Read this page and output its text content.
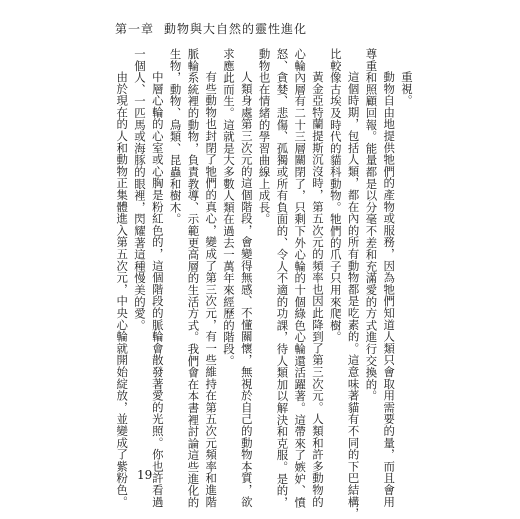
第一章 動物與大自然的靈性進化
重視。
動物自由地提供牠們的產物或服務，因為牠們知道人類只會取用需要的量，而且會用
尊重和照顧回報。能量都是以分毫不差和充滿愛的方式進行交換的。
這個時期，包括人類，都在內的所有動物都是吃素的。這意味著貓有不同的下巴結構，
比較像古埃及時代的貓科動物。牠們的爪子只用來爬樹。
黃金亞特蘭提斯沉沒時，第五次元的頻率也因此降到了第三次元。人類和許多動物的
心輪內層有二十三層關閉了，只剩下外心輪的十個綠色心輪還活躍著。這帶來了嫉妒、憤
怒、貪婪、悲傷、孤獨或所有負面的、令人不適的功課，待人類加以解決和克服。是的，
動物也在情緒的學習曲線上成長。
人類身處第三次元的這個階段，會變得無感、不懂關懷，無視於自己的動物本質，欲
求應此而生。這就是大多數人類在過去一萬年來經歷的階段。
有些動物也封閉了牠們的真心，變成了第三次元，有一些維持在第五次元頻率和進階
脈輪系統裡的動物，負責教導、示範更高層的生活方式。我們會在本書裡討論這些進化的
生物，動物、鳥類、昆蟲和樹木。
中層心輪的心室或心胸是粉紅色的，這個階段的脈輪會散發著愛的光照。你也許看過
一個人、一匹馬或海豚的眼裡，閃耀著這種慢美的愛。
由於現在的人和動物正集體進入第五次元，中央心輪就開始綻放，並變成了紫粉色。 19
